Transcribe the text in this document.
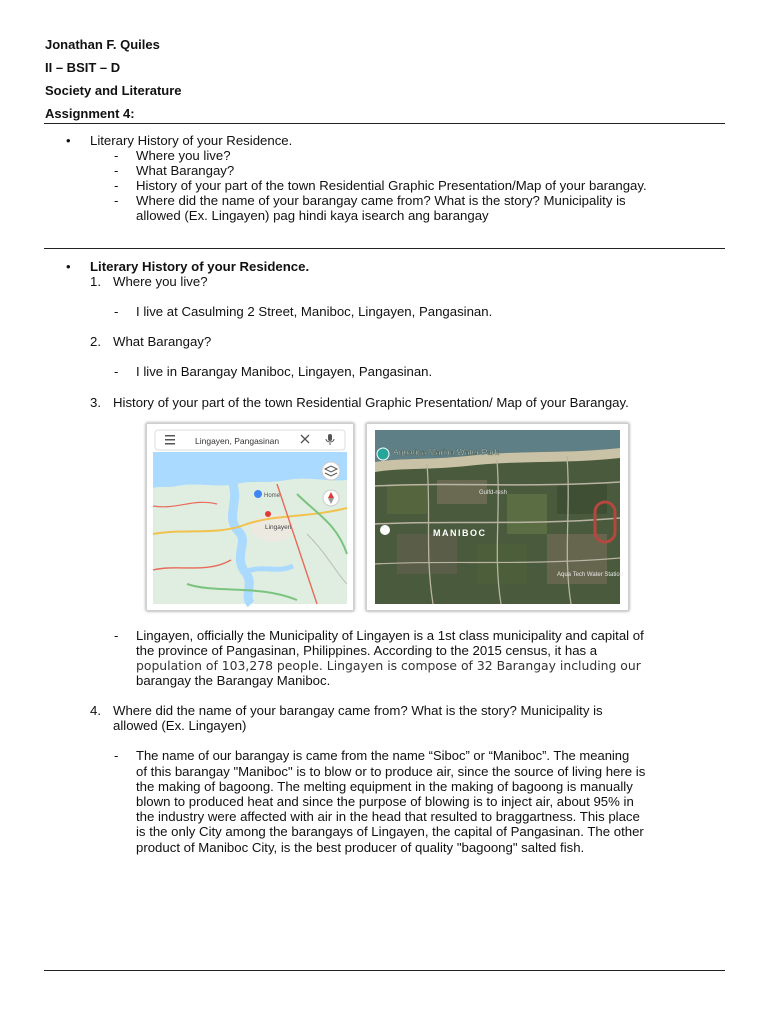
Jonathan F. Quiles
II – BSIT – D
Society and Literature
Assignment 4:
• Literary History of your Residence.
- Where you live?
- What Barangay?
- History of your part of the town Residential Graphic Presentation/Map of your barangay.
- Where did the name of your barangay came from? What is the story? Municipality is
allowed (Ex. Lingayen) pag hindi kaya isearch ang barangay
• Literary History of your Residence.
1. Where you live?
- I live at Casulming 2 Street, Maniboc, Lingayen, Pangasinan.
2. What Barangay?
- I live in Barangay Maniboc, Lingayen, Pangasinan.
3. History of your part of the town Residential Graphic Presentation/ Map of your Barangay.
Lingayen, Pangasinan
Home
Lingayen
Aquatica Marina Water Park
Gulfd-resh
MANIBOC
Aqua Tech Water Station
- Lingayen, officially the Municipality of Lingayen is a 1st class municipality and capital of
the province of Pangasinan, Philippines. According to the 2015 census, it has a
population of 103,278 people. Lingayen is compose of 32 Barangay including our
barangay the Barangay Maniboc.
4. Where did the name of your barangay came from? What is the story? Municipality is
allowed (Ex. Lingayen)
- The name of our barangay is came from the name “Siboc” or “Maniboc”. The meaning
of this barangay "Maniboc" is to blow or to produce air, since the source of living here is
the making of bagoong. The melting equipment in the making of bagoong is manually
blown to produced heat and since the purpose of blowing is to inject air, about 95% in
the industry were affected with air in the head that resulted to braggartness. This place
is the only City among the barangays of Lingayen, the capital of Pangasinan. The other
product of Maniboc City, is the best producer of quality "bagoong" salted fish.
